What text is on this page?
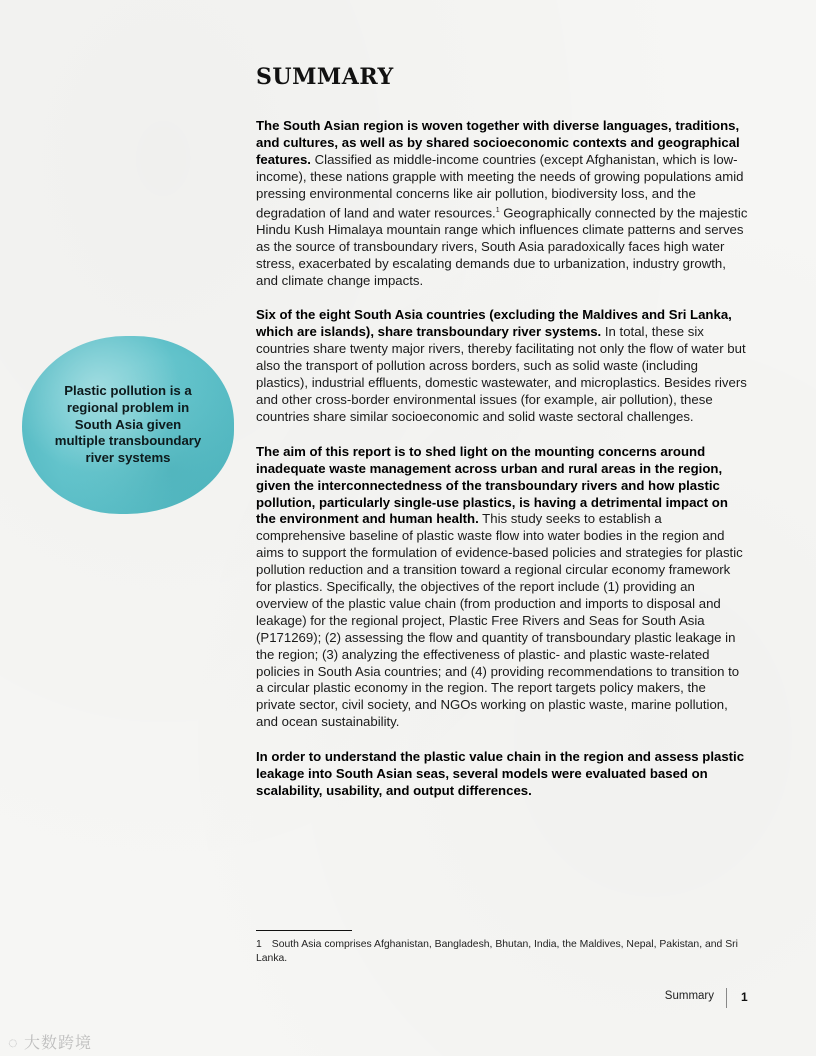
SUMMARY
Plastic pollution is a regional problem in South Asia given multiple transboundary river systems

The South Asian region is woven together with diverse languages, traditions, and cultures, as well as by shared socioeconomic contexts and geographical features. Classified as middle-income countries (except Afghanistan, which is low-income), these nations grapple with meeting the needs of growing populations amid pressing environmental concerns like air pollution, biodiversity loss, and the degradation of land and water resources.$^1$ Geographically connected by the majestic Hindu Kush Himalaya mountain range which influences climate patterns and serves as the source of transboundary rivers, South Asia paradoxically faces high water stress, exacerbated by escalating demands due to urbanization, industry growth, and climate change impacts.

Six of the eight South Asia countries (excluding the Maldives and Sri Lanka, which are islands), share transboundary river systems. In total, these six countries share twenty major rivers, thereby facilitating not only the flow of water but also the transport of pollution across borders, such as solid waste (including plastics), industrial effluents, domestic wastewater, and microplastics. Besides rivers and other cross-border environmental issues (for example, air pollution), these countries share similar socioeconomic and solid waste sectoral challenges.

The aim of this report is to shed light on the mounting concerns around inadequate waste management across urban and rural areas in the region, given the interconnectedness of the transboundary rivers and how plastic pollution, particularly single-use plastics, is having a detrimental impact on the environment and human health. This study seeks to establish a comprehensive baseline of plastic waste flow into water bodies in the region and aims to support the formulation of evidence-based policies and strategies for plastic pollution reduction and a transition toward a regional circular economy framework for plastics. Specifically, the objectives of the report include (1) providing an overview of the plastic value chain (from production and imports to disposal and leakage) for the regional project, Plastic Free Rivers and Seas for South Asia (P171269); (2) assessing the flow and quantity of transboundary plastic leakage in the region; (3) analyzing the effectiveness of plastic- and plastic waste-related policies in South Asia countries; and (4) providing recommendations to transition to a circular plastic economy in the region. The report targets policy makers, the private sector, civil society, and NGOs working on plastic waste, marine pollution, and ocean sustainability.

In order to understand the plastic value chain in the region and assess plastic leakage into South Asian seas, several models were evaluated based on scalability, usability, and output differences.

1 South Asia comprises Afghanistan, Bangladesh, Bhutan, India, the Maldives, Nepal, Pakistan, and Sri Lanka.
Summary 1
◌ 大数跨境
